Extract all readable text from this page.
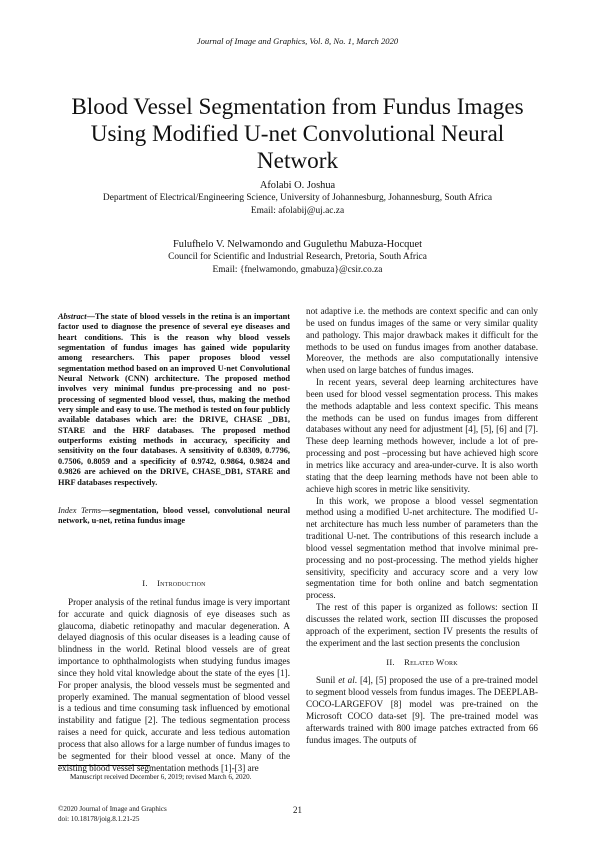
Journal of Image and Graphics, Vol. 8, No. 1, March 2020
Blood Vessel Segmentation from Fundus Images
Using Modified U-net Convolutional Neural
Network
Afolabi O. Joshua
Department of Electrical/Engineering Science, University of Johannesburg, Johannesburg, South Africa
Email: afolabij@uj.ac.za
Fulufhelo V. Nelwamondo and Gugulethu Mabuza-Hocquet
Council for Scientific and Industrial Research, Pretoria, South Africa
Email: {fnelwamondo, gmabuza}@csir.co.za

Abstract—The state of blood vessels in the retina is an important factor used to diagnose the presence of several eye diseases and heart conditions. This is the reason why blood vessels segmentation of fundus images has gained wide popularity among researchers. This paper proposes blood vessel segmentation method based on an improved U-net Convolutional Neural Network (CNN) architecture. The proposed method involves very minimal fundus pre-processing and no post-processing of segmented blood vessel, thus, making the method very simple and easy to use. The method is tested on four publicly available databases which are: the DRIVE, CHASE _DB1, STARE and the HRF databases. The proposed method outperforms existing methods in accuracy, specificity and sensitivity on the four databases. A sensitivity of 0.8309, 0.7796, 0.7506, 0.8059 and a specificity of 0.9742, 0.9864, 0.9824 and 0.9826 are achieved on the DRIVE, CHASE_DB1, STARE and HRF databases respectively.

Index Terms—segmentation, blood vessel, convolutional neural network, u-net, retina fundus image

I. Introduction

Proper analysis of the retinal fundus image is very important for accurate and quick diagnosis of eye diseases such as glaucoma, diabetic retinopathy and macular degeneration. A delayed diagnosis of this ocular diseases is a leading cause of blindness in the world. Retinal blood vessels are of great importance to ophthalmologists when studying fundus images since they hold vital knowledge about the state of the eyes [1]. For proper analysis, the blood vessels must be segmented and properly examined. The manual segmentation of blood vessel is a tedious and time consuming task influenced by emotional instability and fatigue [2]. The tedious segmentation process raises a need for quick, accurate and less tedious automation process that also allows for a large number of fundus images to be segmented for their blood vessel at once. Many of the existing blood vessel segmentation methods [1]-[3] are

not adaptive i.e. the methods are context specific and can only be used on fundus images of the same or very similar quality and pathology. This major drawback makes it difficult for the methods to be used on fundus images from another database. Moreover, the methods are also computationally intensive when used on large batches of fundus images.

In recent years, several deep learning architectures have been used for blood vessel segmentation process. This makes the methods adaptable and less context specific. This means the methods can be used on fundus images from different databases without any need for adjustment [4], [5], [6] and [7]. These deep learning methods however, include a lot of pre-processing and post –processing but have achieved high score in metrics like accuracy and area-under-curve. It is also worth stating that the deep learning methods have not been able to achieve high scores in metric like sensitivity.

In this work, we propose a blood vessel segmentation method using a modified U-net architecture. The modified U-net architecture has much less number of parameters than the traditional U-net. The contributions of this research include a blood vessel segmentation method that involve minimal pre-processing and no post-processing. The method yields higher sensitivity, specificity and accuracy score and a very low segmentation time for both online and batch segmentation process.

The rest of this paper is organized as follows: section II discusses the related work, section III discusses the proposed approach of the experiment, section IV presents the results of the experiment and the last section presents the conclusion

II. Related Work

Sunil et al. [4], [5] proposed the use of a pre-trained model to segment blood vessels from fundus images. The DEEPLAB-COCO-LARGEFOV [8] model was pre-trained on the Microsoft COCO data-set [9]. The pre-trained model was afterwards trained with 800 image patches extracted from 66 fundus images. The outputs of

Manuscript received December 6, 2019; revised March 6, 2020.
©2020 Journal of Image and Graphics
doi: 10.18178/joig.8.1.21-25
21
